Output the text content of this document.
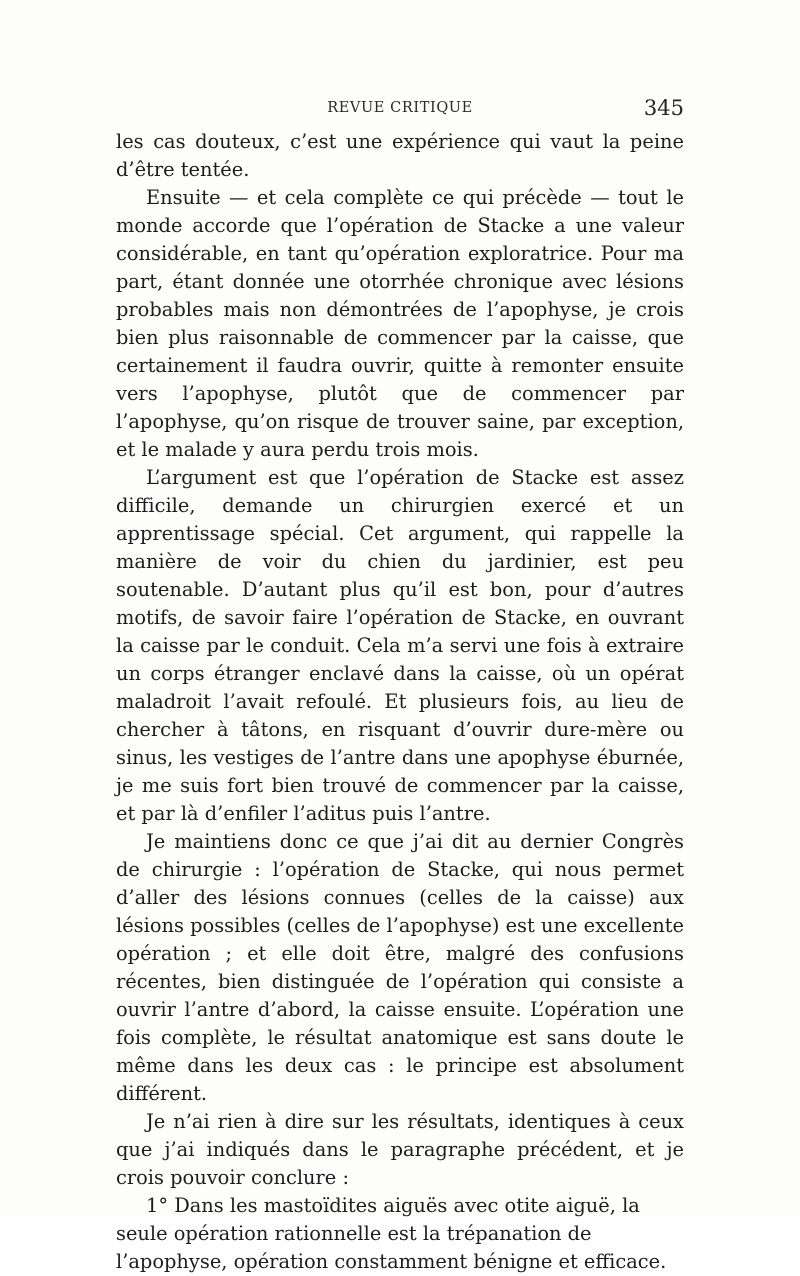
REVUE CRITIQUE	345

les cas douteux, c’est une expérience qui vaut la peine d’être tentée.

Ensuite — et cela complète ce qui précède — tout le monde accorde que l’opération de Stacke a une valeur considérable, en tant qu’opération exploratrice. Pour ma part, étant donnée une otorrhée chronique avec lésions probables mais non démontrées de l’apophyse, je crois bien plus raisonnable de commencer par la caisse, que certainement il faudra ouvrir, quitte à remonter ensuite vers l’apophyse, plutôt que de commencer par l’apophyse, qu’on risque de trouver saine, par exception, et le malade y aura perdu trois mois.

L’argument est que l’opération de Stacke est assez difficile, demande un chirurgien exercé et un apprentissage spécial. Cet argument, qui rappelle la manière de voir du chien du jardinier, est peu soutenable. D’autant plus qu’il est bon, pour d’autres motifs, de savoir faire l’opération de Stacke, en ouvrant la caisse par le conduit. Cela m’a servi une fois à extraire un corps étranger enclavé dans la caisse, où un opérat maladroit l’avait refoulé. Et plusieurs fois, au lieu de chercher à tâtons, en risquant d’ouvrir dure-mère ou sinus, les vestiges de l’antre dans une apophyse éburnée, je me suis fort bien trouvé de commencer par la caisse, et par là d’enfiler l’aditus puis l’antre.

Je maintiens donc ce que j’ai dit au dernier Congrès de chirurgie : l’opération de Stacke, qui nous permet d’aller des lésions connues (celles de la caisse) aux lésions possibles (celles de l’apophyse) est une excellente opération ; et elle doit être, malgré des confusions récentes, bien distinguée de l’opération qui consiste a ouvrir l’antre d’abord, la caisse ensuite. L’opération une fois complète, le résultat anatomique est sans doute le même dans les deux cas : le principe est absolument différent.

Je n’ai rien à dire sur les résultats, identiques à ceux que j’ai indiqués dans le paragraphe précédent, et je crois pouvoir conclure :

1° Dans les mastoïdites aiguës avec otite aiguë, la seule opération rationnelle est la trépanation de l’apophyse, opération constamment bénigne et efficace.
